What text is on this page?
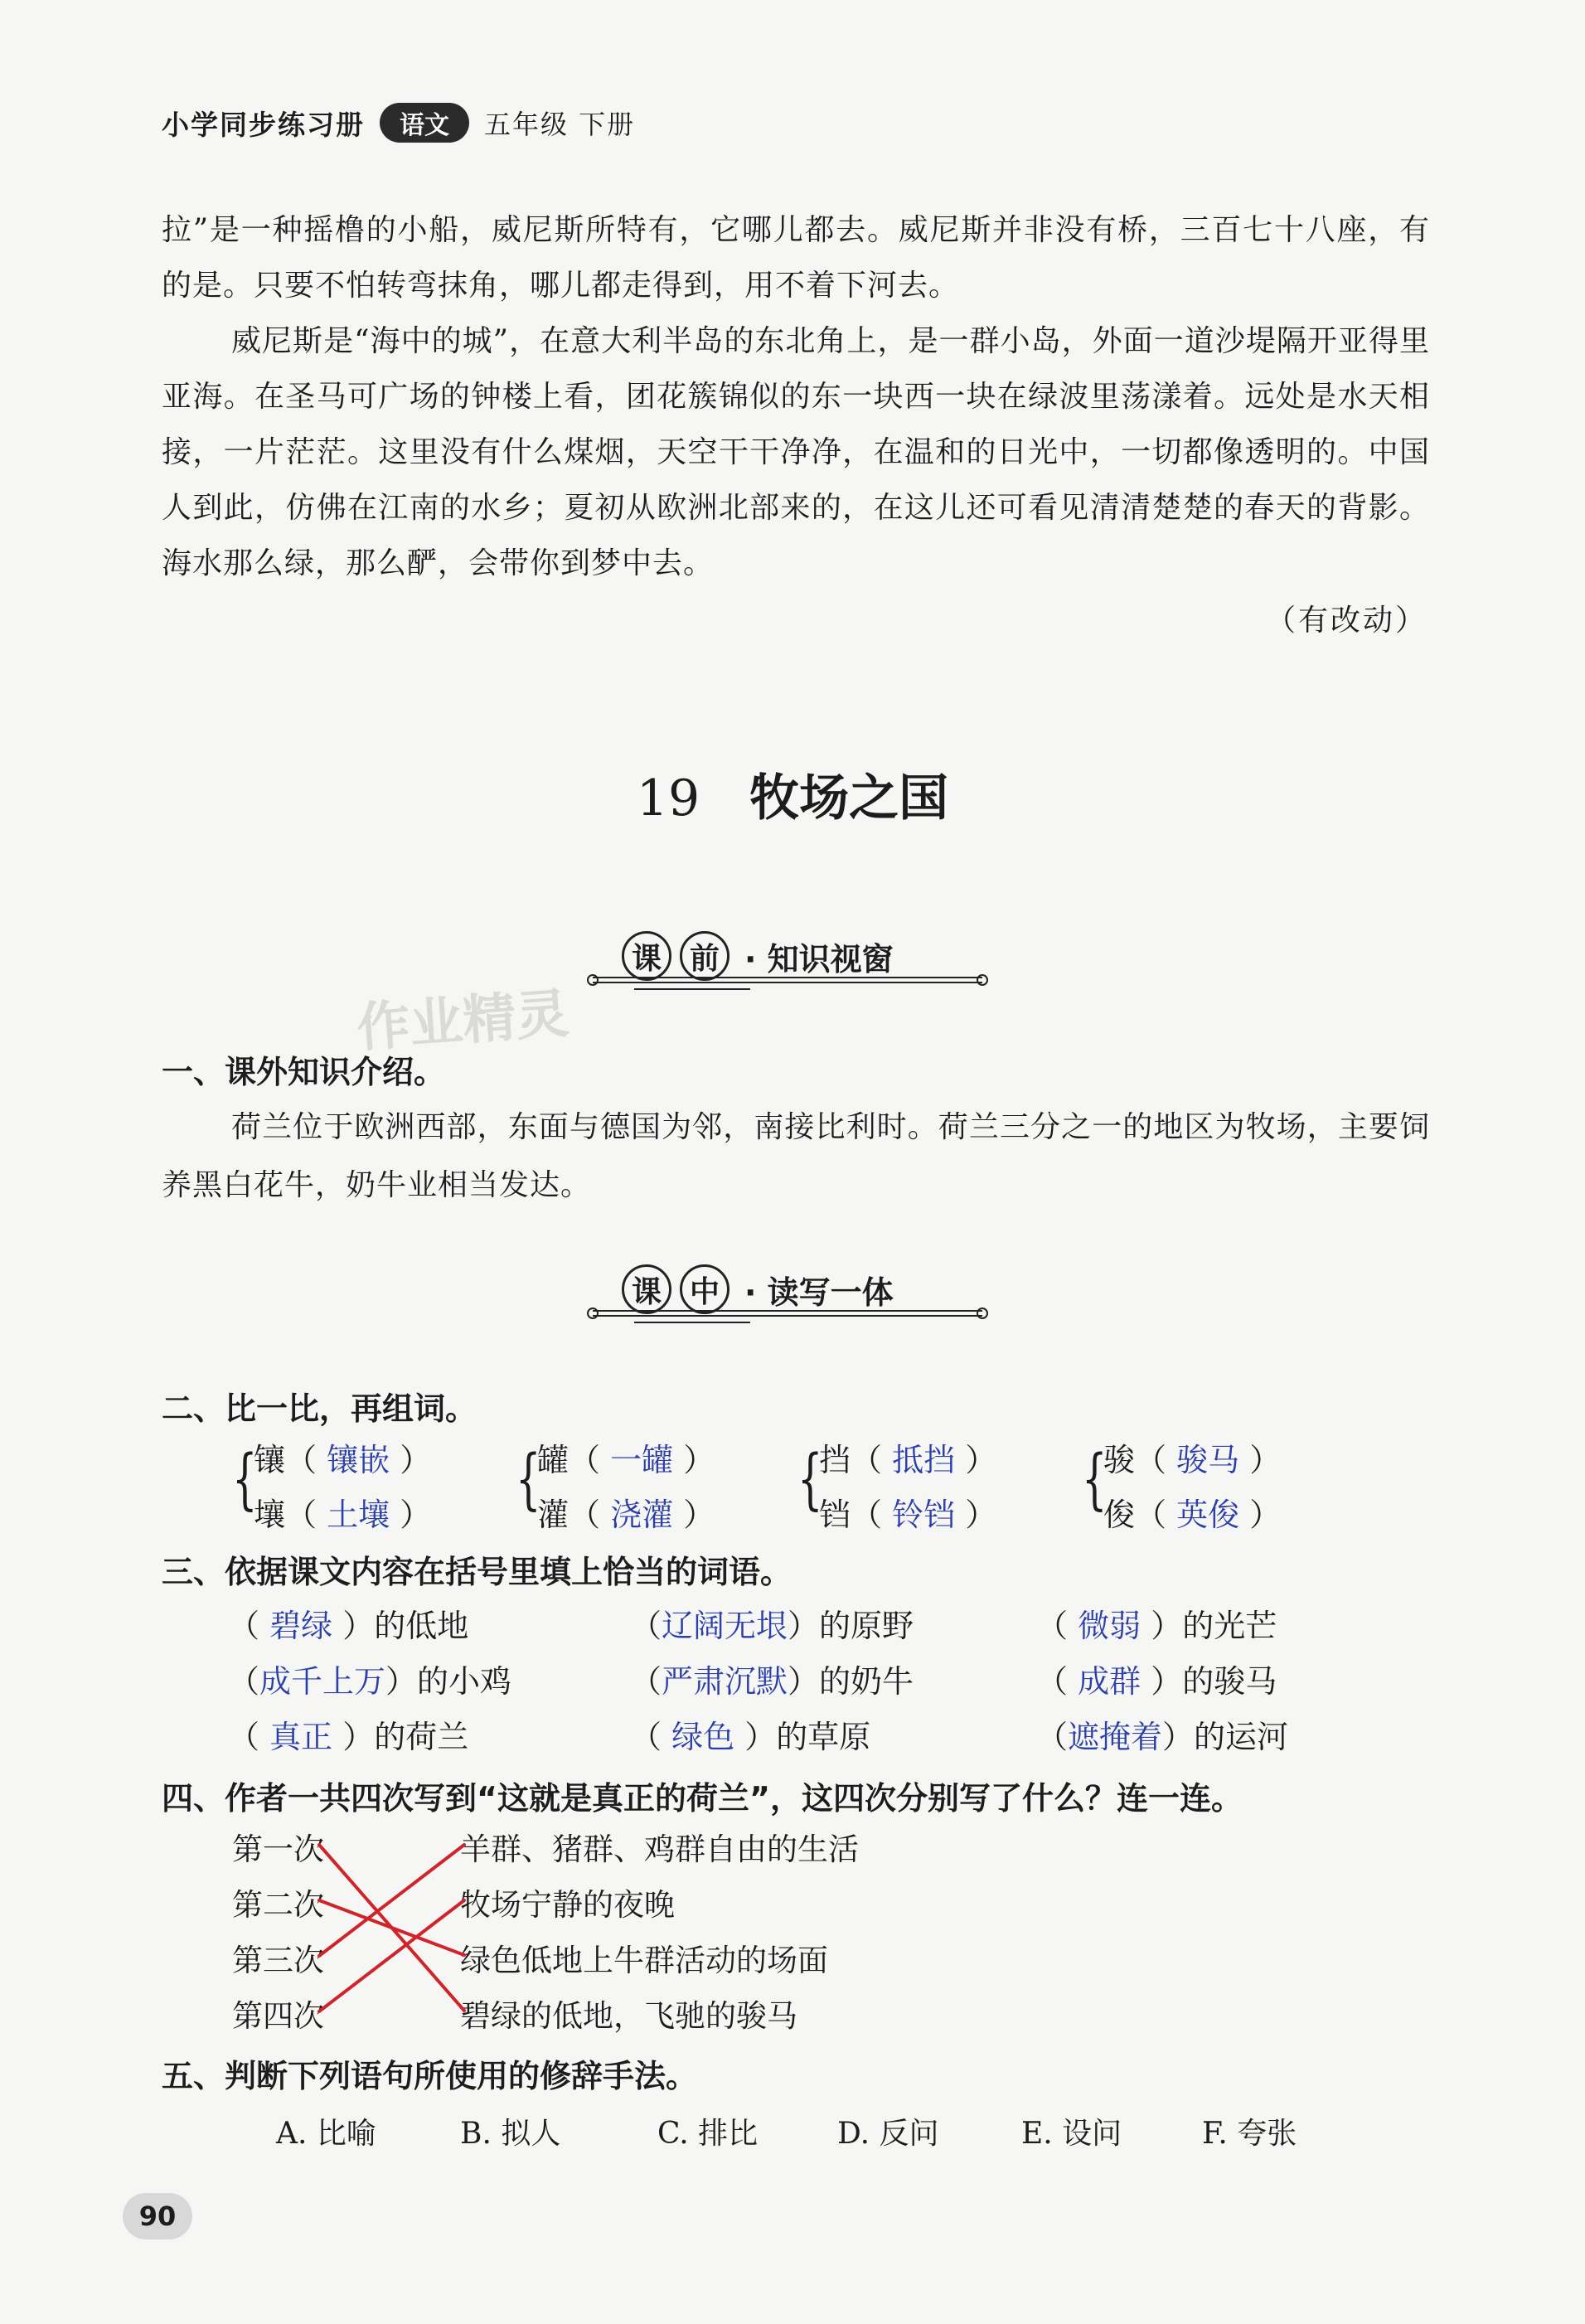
小学同步练习册	语文	五年级 下册

拉”是一种摇橹的小船，威尼斯所特有，它哪儿都去。威尼斯并非没有桥，三百七十八座，有的是。只要不怕转弯抹角，哪儿都走得到，用不着下河去。

威尼斯是“海中的城”，在意大利半岛的东北角上，是一群小岛，外面一道沙堤隔开亚得里亚海。在圣马可广场的钟楼上看，团花簇锦似的东一块西一块在绿波里荡漾着。远处是水天相接，一片茫茫。这里没有什么煤烟，天空干干净净，在温和的日光中，一切都像透明的。中国人到此，仿佛在江南的水乡；夏初从欧洲北部来的，在这儿还可看见清清楚楚的春天的背影。海水那么绿，那么酽，会带你到梦中去。

（有改动）
19 牧场之国
课 前 · 知识视窗
作业精灵
一、课外知识介绍。
荷兰位于欧洲西部，东面与德国为邻，南接比利时。荷兰三分之一的地区为牧场，主要饲养黑白花牛，奶牛业相当发达。
课 中 · 读写一体
二、比一比，再组词。
{
镶（ 镶嵌 ）
壤（ 土壤 ） {
罐（ 一罐 ）
灌（ 浇灌 ） {
挡（ 抵挡 ）
铛（ 铃铛 ） {
骏（ 骏马 ）
俊（ 英俊 ）
三、依据课文内容在括号里填上恰当的词语。
（ 碧绿 ）的低地	（辽阔无垠）的原野	（ 微弱 ）的光芒
（成千上万）的小鸡	（严肃沉默）的奶牛	（ 成群 ）的骏马
（ 真正 ）的荷兰	（ 绿色 ）的草原	（遮掩着）的运河
四、作者一共四次写到“这就是真正的荷兰”，这四次分别写了什么？连一连。
第一次
第二次
第三次
第四次
羊群、猪群、鸡群自由的生活
牧场宁静的夜晚
绿色低地上牛群活动的场面
碧绿的低地，飞驰的骏马
五、判断下列语句所使用的修辞手法。
A. 比喻	B. 拟人	C. 排比	D. 反问	E. 设问	F. 夸张
90
